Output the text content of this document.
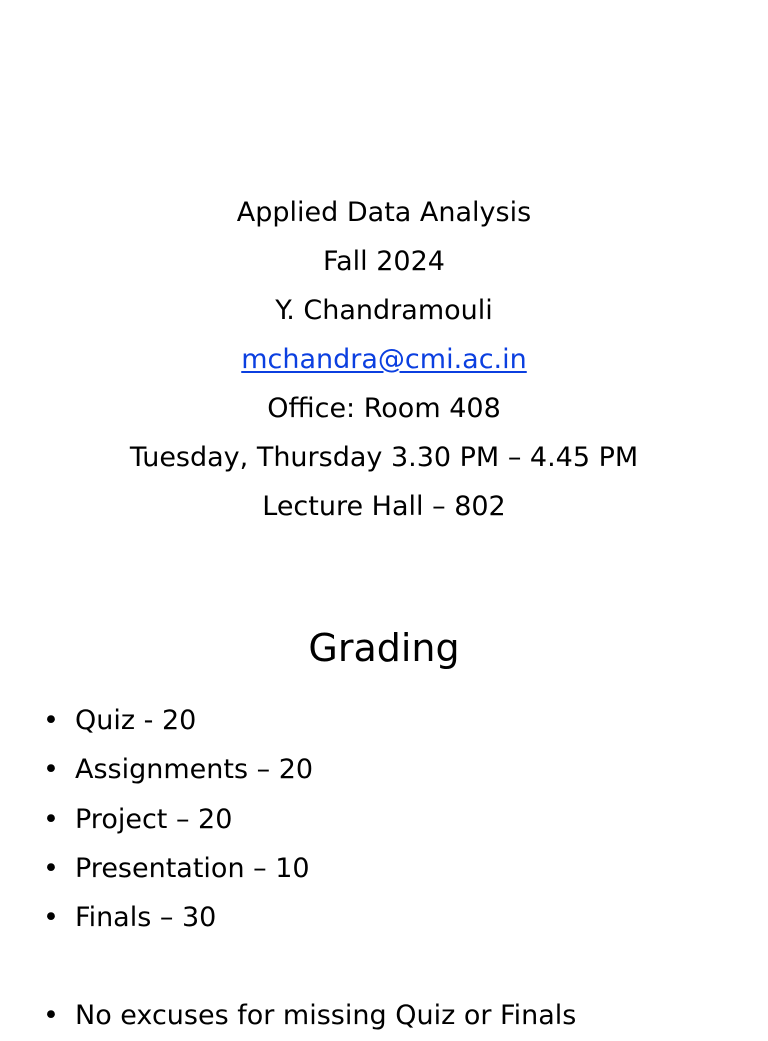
Applied Data Analysis
Fall 2024
Y. Chandramouli
mchandra@cmi.ac.in
Office: Room 408
Tuesday, Thursday 3.30 PM – 4.45 PM
Lecture Hall – 802
Grading
• Quiz - 20
• Assignments – 20
• Project – 20
• Presentation – 10
• Finals – 30
• No excuses for missing Quiz or Finals
